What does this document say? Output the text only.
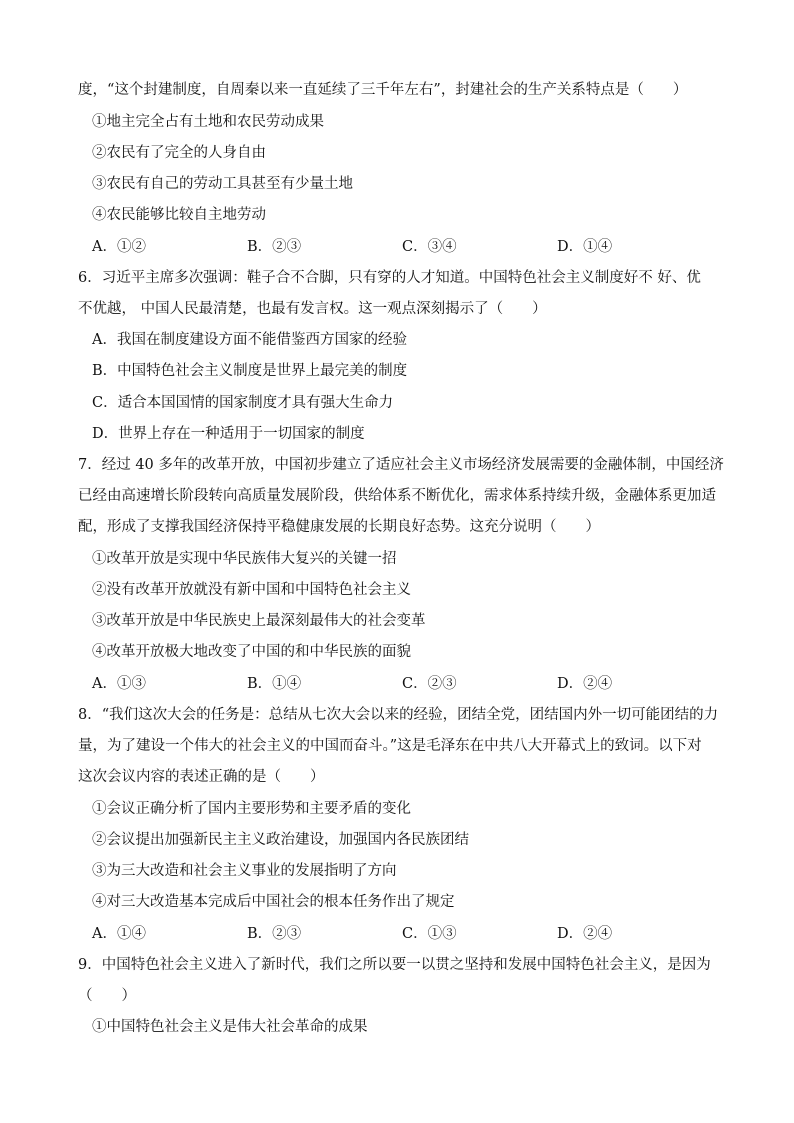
度，“这个封建制度，自周秦以来一直延续了三千年左右”，封建社会的生产关系特点是（　　）
①地主完全占有土地和农民劳动成果
②农民有了完全的人身自由
③农民有自己的劳动工具甚至有少量土地
④农民能够比较自主地劳动
A．①②	B．②③	C．③④	D．①④
6．习近平主席多次强调：鞋子合不合脚，只有穿的人才知道。中国特色社会主义制度好不 好、优
不优越， 中国人民最清楚，也最有发言权。这一观点深刻揭示了（　　）
A．我国在制度建设方面不能借鉴西方国家的经验
B．中国特色社会主义制度是世界上最完美的制度
C．适合本国国情的国家制度才具有强大生命力
D．世界上存在一种适用于一切国家的制度
7．经过 40 多年的改革开放，中国初步建立了适应社会主义市场经济发展需要的金融体制，中国经济
已经由高速增长阶段转向高质量发展阶段，供给体系不断优化，需求体系持续升级，金融体系更加适
配，形成了支撑我国经济保持平稳健康发展的长期良好态势。这充分说明（　　）
①改革开放是实现中华民族伟大复兴的关键一招
②没有改革开放就没有新中国和中国特色社会主义
③改革开放是中华民族史上最深刻最伟大的社会变革
④改革开放极大地改变了中国的和中华民族的面貌
A．①③	B．①④	C．②③	D．②④
8．“我们这次大会的任务是：总结从七次大会以来的经验，团结全党，团结国内外一切可能团结的力
量，为了建设一个伟大的社会主义的中国而奋斗。”这是毛泽东在中共八大开幕式上的致词。以下对
这次会议内容的表述正确的是（　　）
①会议正确分析了国内主要形势和主要矛盾的变化
②会议提出加强新民主主义政治建设，加强国内各民族团结
③为三大改造和社会主义事业的发展指明了方向
④对三大改造基本完成后中国社会的根本任务作出了规定
A．①④	B．②③	C．①③	D．②④
9．中国特色社会主义进入了新时代，我们之所以要一以贯之坚持和发展中国特色社会主义，是因为
（　　）
①中国特色社会主义是伟大社会革命的成果
